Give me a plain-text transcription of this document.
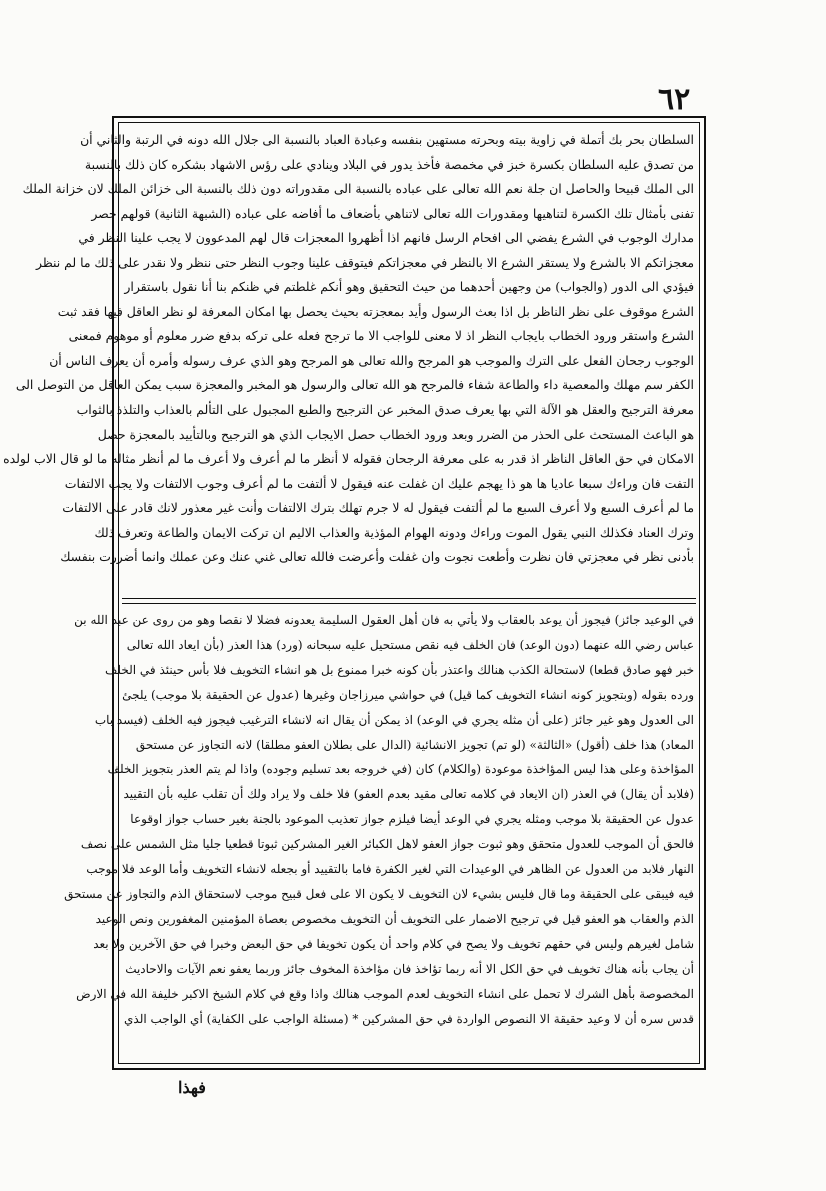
٦٢

السلطان بحر بك أتملة في زاوية بيته وبحرته مستهين بنفسه وعبادة العباد بالنسبة الى جلال الله دونه في الرتبة والثاني أن

من تصدق عليه السلطان بكسرة خبز في مخمصة فأخذ يدور في البلاد وينادي على رؤس الاشهاد بشكره كان ذلك بالنسبة

الى الملك قبيحا والحاصل ان جلة نعم الله تعالى على عباده بالنسبة الى مقدوراته دون ذلك بالنسبة الى خزائن الملك لان خزانة الملك

تفنى بأمثال تلك الكسرة لتناهيها ومقدورات الله تعالى لاتناهي بأضعاف ما أفاضه على عباده (الشبهة الثانية) قولهم حصر

مدارك الوجوب في الشرع يفضي الى افحام الرسل فانهم اذا أظهروا المعجزات قال لهم المدعوون لا يجب علينا النظر في

معجزاتكم الا بالشرع ولا يستقر الشرع الا بالنظر في معجزاتكم فيتوقف علينا وجوب النظر حتى ننظر ولا نقدر على ذلك ما لم ننظر

فيؤدي الى الدور (والجواب) من وجهين أحدهما من حيث التحقيق وهو أنكم غلطتم في ظنكم بنا أنا نقول باستقرار

الشرع موقوف على نظر الناظر بل اذا بعث الرسول وأيد بمعجزته بحيث يحصل بها امكان المعرفة لو نظر العاقل فيها فقد ثبت

الشرع واستقر ورود الخطاب بايجاب النظر اذ لا معنى للواجب الا ما ترجح فعله على تركه بدفع ضرر معلوم أو موهوم فمعنى

الوجوب رجحان الفعل على الترك والموجب هو المرجح والله تعالى هو المرجح وهو الذي عرف رسوله وأمره أن يعرف الناس أن

الكفر سم مهلك والمعصية داء والطاعة شفاء فالمرجح هو الله تعالى والرسول هو المخبر والمعجزة سبب يمكن العاقل من التوصل الى

معرفة الترجيح والعقل هو الآلة التي بها يعرف صدق المخبر عن الترجيح والطبع المجبول على التألم بالعذاب والتلذذ بالثواب

هو الباعث المستحث على الحذر من الضرر وبعد ورود الخطاب حصل الايجاب الذي هو الترجيح وبالتأييد بالمعجزة حصل

الامكان في حق العاقل الناظر اذ قدر به على معرفة الرجحان فقوله لا أنظر ما لم أعرف ولا أعرف ما لم أنظر مثاله ما لو قال الاب لولده

التفت فان وراءك سبعا عاديا ها هو ذا يهجم عليك ان غفلت عنه فيقول لا ألتفت ما لم أعرف وجوب الالتفات ولا يجب الالتفات

ما لم أعرف السبع ولا أعرف السبع ما لم ألتفت فيقول له لا جرم تهلك بترك الالتفات وأنت غير معذور لانك قادر على الالتفات

وترك العناد فكذلك النبي يقول الموت وراءك ودونه الهوام المؤذية والعذاب الاليم ان تركت الايمان والطاعة وتعرف ذلك

بأدنى نظر في معجزتي فان نظرت وأطعت نجوت وان غفلت وأعرضت فالله تعالى غني عنك وعن عملك وانما أضررت بنفسك

في الوعيد جائز) فيجوز أن يوعد بالعقاب ولا يأتي به فان أهل العقول السليمة يعدونه فضلا لا نقصا وهو من روى عن عبد الله بن

عباس رضي الله عنهما (دون الوعد) فان الخلف فيه نقص مستحيل عليه سبحانه (ورد) هذا العذر (بأن ايعاد الله تعالى

خبر فهو صادق قطعا) لاستحالة الكذب هنالك واعتذر بأن كونه خبرا ممنوع بل هو انشاء التخويف فلا بأس حينئذ في الخلف

ورده بقوله (وبتجويز كونه انشاء التخويف كما قيل) في حواشي ميرزاجان وغيرها (عدول عن الحقيقة بلا موجب) يلجئ

الى العدول وهو غير جائز (على أن مثله يجري في الوعد) اذ يمكن أن يقال انه لانشاء الترغيب فيجوز فيه الخلف (فيسد باب

المعاد) هذا خلف (أقول) «الثالثة» (لو تم) تجويز الانشائية (الدال على بطلان العفو مطلقا) لانه التجاوز عن مستحق

المؤاخذة وعلى هذا ليس المؤاخذة موعودة (والكلام) كان (في خروجه بعد تسليم وجوده) واذا لم يتم العذر بتجويز الخلف

(فلابد أن يقال) في العذر (ان الايعاد في كلامه تعالى مقيد بعدم العفو) فلا خلف ولا يراد ولك أن تقلب عليه بأن التقييد

عدول عن الحقيقة بلا موجب ومثله يجري في الوعد أيضا فيلزم جواز تعذيب الموعود بالجنة بغير حساب جواز اوقوعا

فالحق أن الموجب للعدول متحقق وهو ثبوت جواز العفو لاهل الكبائر الغير المشركين ثبوتا قطعيا جليا مثل الشمس على نصف

النهار فلابد من العدول عن الظاهر في الوعيدات التي لغير الكفرة فاما بالتقييد أو بجعله لانشاء التخويف وأما الوعد فلا موجب

فيه فيبقى على الحقيقة وما قال فليس بشيء لان التخويف لا يكون الا على فعل قبيح موجب لاستحقاق الذم والتجاوز عن مستحق

الذم والعقاب هو العفو قيل في ترجيح الاضمار على التخويف أن التخويف مخصوص بعصاة المؤمنين المغفورين ونص الوعيد

شامل لغيرهم وليس في حقهم تخويف ولا يصح في كلام واحد أن يكون تخويفا في حق البعض وخبرا في حق الآخرين ولا بعد

أن يجاب بأنه هناك تخويف في حق الكل الا أنه ربما تؤاخذ فان مؤاخذة المخوف جائز وربما يعفو نعم الآيات والاحاديث

المخصوصة بأهل الشرك لا تحمل على انشاء التخويف لعدم الموجب هنالك واذا وقع في كلام الشيخ الاكبر خليفة الله في الارض

قدس سره أن لا وعيد حقيقة الا النصوص الواردة في حق المشركين * (مسئلة الواجب على الكفاية) أي الواجب الذي

فهذا
